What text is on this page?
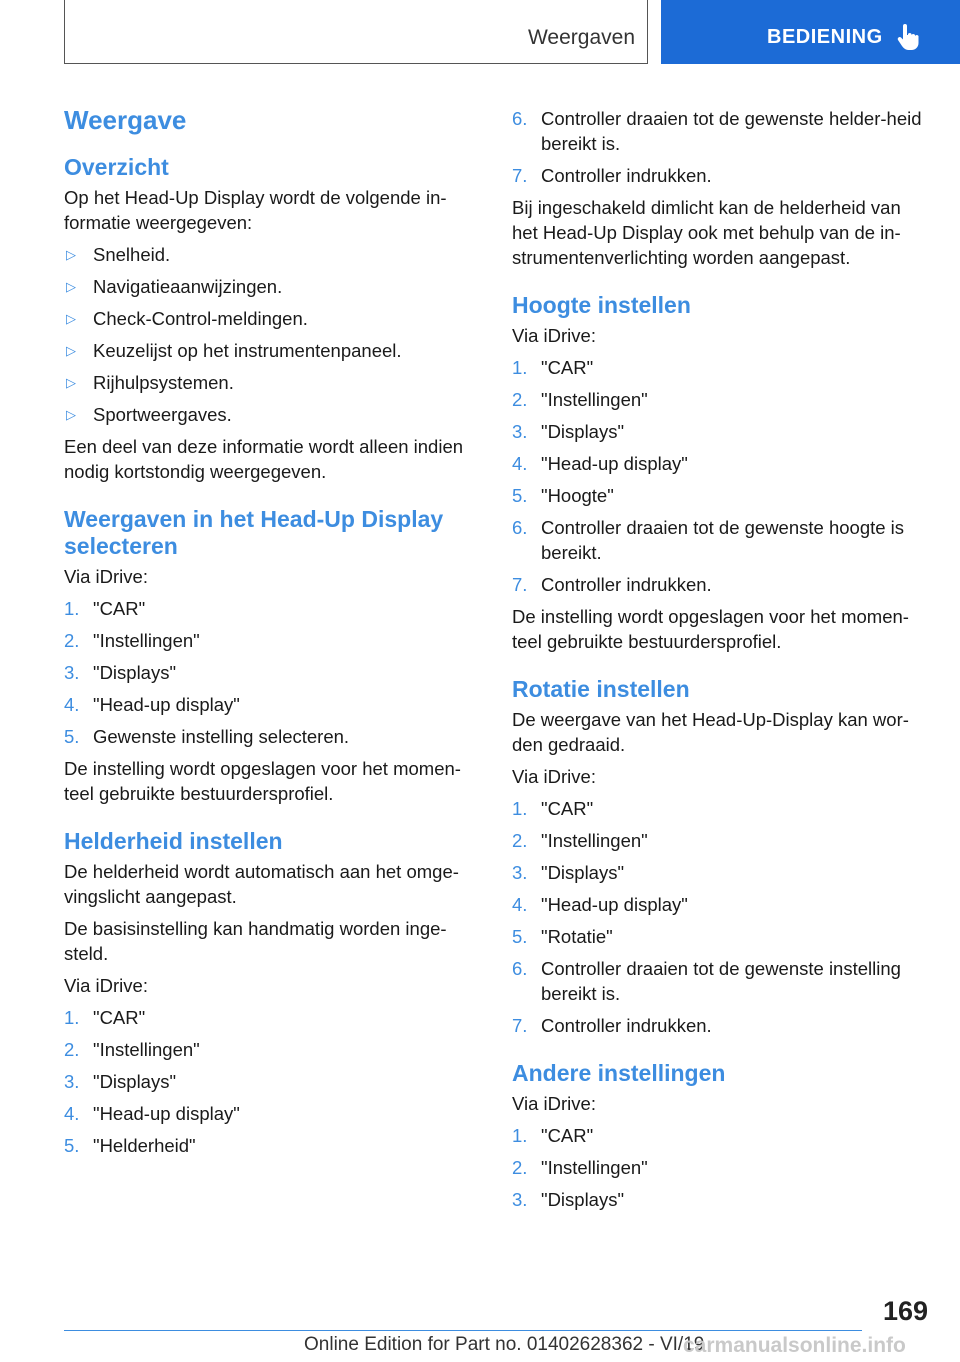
Weergaven	BEDIENING
Weergave
Overzicht

Op het Head-Up Display wordt de volgende in-formatie weergegeven:

▷ Snelheid.
▷ Navigatieaanwijzingen.
▷ Check-Control-meldingen.
▷ Keuzelijst op het instrumentenpaneel.
▷ Rijhulpsystemen.
▷ Sportweergaves.

Een deel van deze informatie wordt alleen indien nodig kortstondig weergegeven.

Weergaven in het Head-Up Display selecteren

Via iDrive:

1. "CAR"
2. "Instellingen"
3. "Displays"
4. "Head-up display"
5. Gewenste instelling selecteren.

De instelling wordt opgeslagen voor het momen-teel gebruikte bestuurdersprofiel.

Helderheid instellen

De helderheid wordt automatisch aan het omge-vingslicht aangepast.

De basisinstelling kan handmatig worden inge-steld.

Via iDrive:

1. "CAR"
2. "Instellingen"
3. "Displays"
4. "Head-up display"
5. "Helderheid"
6. Controller draaien tot de gewenste helder-heid bereikt is.
7. Controller indrukken.

Bij ingeschakeld dimlicht kan de helderheid van het Head-Up Display ook met behulp van de in-strumentenverlichting worden aangepast.

Hoogte instellen

Via iDrive:

1. "CAR"
2. "Instellingen"
3. "Displays"
4. "Head-up display"
5. "Hoogte"
6. Controller draaien tot de gewenste hoogte is bereikt.
7. Controller indrukken.

De instelling wordt opgeslagen voor het momen-teel gebruikte bestuurdersprofiel.

Rotatie instellen

De weergave van het Head-Up-Display kan wor-den gedraaid.

Via iDrive:

1. "CAR"
2. "Instellingen"
3. "Displays"
4. "Head-up display"
5. "Rotatie"
6. Controller draaien tot de gewenste instelling bereikt is.
7. Controller indrukken.
Andere instellingen

Via iDrive:

1. "CAR"
2. "Instellingen"
3. "Displays"
169
Online Edition for Part no. 01402628362 - VI/19
carmanualsonline.info
